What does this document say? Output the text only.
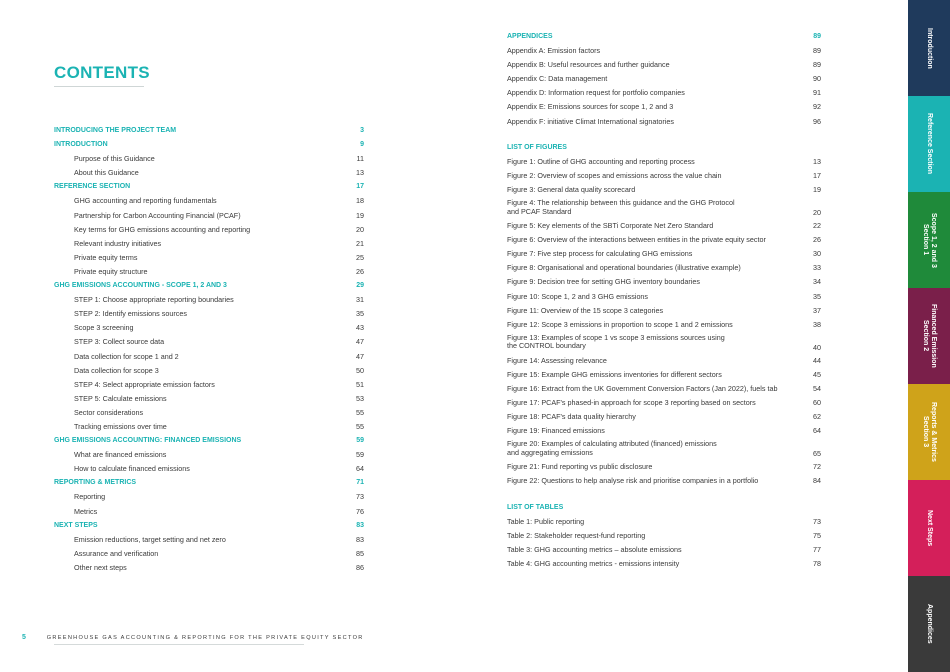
CONTENTS
INTRODUCING THE PROJECT TEAM	3
INTRODUCTION	9
Purpose of this Guidance	11
About this Guidance	13
REFERENCE SECTION	17
GHG accounting and reporting fundamentals	18
Partnership for Carbon Accounting Financial (PCAF)	19
Key terms for GHG emissions accounting and reporting	20
Relevant industry initiatives	21
Private equity terms	25
Private equity structure	26
GHG EMISSIONS ACCOUNTING - SCOPE 1, 2 AND 3	29
STEP 1: Choose appropriate reporting boundaries	31
STEP 2: Identify emissions sources	35
Scope 3 screening	43
STEP 3: Collect source data	47
Data collection for scope 1 and 2	47
Data collection for scope 3	50
STEP 4: Select appropriate emission factors	51
STEP 5: Calculate emissions	53
Sector considerations	55
Tracking emissions over time	55
GHG EMISSIONS ACCOUNTING: FINANCED EMISSIONS	59
What are financed emissions	59
How to calculate financed emissions	64
REPORTING & METRICS	71
Reporting	73
Metrics	76
NEXT STEPS	83
Emission reductions, target setting and net zero	83
Assurance and verification	85
Other next steps	86
APPENDICES	89
Appendix A: Emission factors	89
Appendix B: Useful resources and further guidance	89
Appendix C: Data management	90
Appendix D: Information request for portfolio companies	91
Appendix E: Emissions sources for scope 1, 2 and 3	92
Appendix F: initiative Climat International signatories	96
LIST OF FIGURES
Figure 1: Outline of GHG accounting and reporting process	13
Figure 2: Overview of scopes and emissions across the value chain	17
Figure 3: General data quality scorecard	19
Figure 4: The relationship between this guidance and the GHG Protocol
and PCAF Standard	20
Figure 5: Key elements of the SBTi Corporate Net Zero Standard	22
Figure 6: Overview of the interactions between entities in the private equity sector	26
Figure 7: Five step process for calculating GHG emissions	30
Figure 8: Organisational and operational boundaries (illustrative example)	33
Figure 9: Decision tree for setting GHG inventory boundaries	34
Figure 10: Scope 1, 2 and 3 GHG emissions	35
Figure 11: Overview of the 15 scope 3 categories	37
Figure 12: Scope 3 emissions in proportion to scope 1 and 2 emissions	38
Figure 13: Examples of scope 1 vs scope 3 emissions sources using
the CONTROL boundary	40
Figure 14: Assessing relevance	44
Figure 15: Example GHG emissions inventories for different sectors	45
Figure 16: Extract from the UK Government Conversion Factors (Jan 2022), fuels tab	54
Figure 17: PCAF's phased-in approach for scope 3 reporting based on sectors	60
Figure 18: PCAF's data quality hierarchy	62
Figure 19: Financed emissions	64
Figure 20: Examples of calculating attributed (financed) emissions
and aggregating emissions	65
Figure 21: Fund reporting vs public disclosure	72
Figure 22: Questions to help analyse risk and prioritise companies in a portfolio	84
LIST OF TABLES
Table 1: Public reporting	73
Table 2: Stakeholder request-fund reporting	75
Table 3: GHG accounting metrics – absolute emissions	77
Table 4: GHG accounting metrics - emissions intensity	78
5	GREENHOUSE GAS ACCOUNTING & REPORTING FOR THE PRIVATE EQUITY SECTOR
Introduction
Reference Section
Scope 1, 2 and 3
Section 1
Financed Emission
Section 2
Reports & Metrics
Section 3
Next Steps
Appendices
